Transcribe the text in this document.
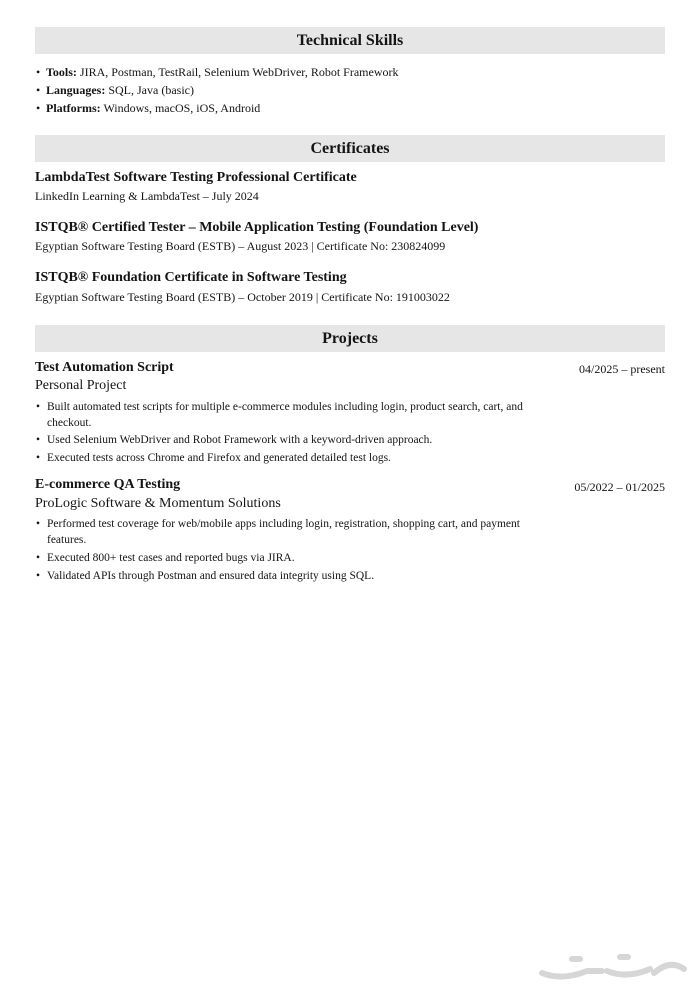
Technical Skills
• Tools: JIRA, Postman, TestRail, Selenium WebDriver, Robot Framework
• Languages: SQL, Java (basic)
• Platforms: Windows, macOS, iOS, Android
Certificates
LambdaTest Software Testing Professional Certificate
LinkedIn Learning & LambdaTest – July 2024
ISTQB® Certified Tester – Mobile Application Testing (Foundation Level)
Egyptian Software Testing Board (ESTB) – August 2023 | Certificate No: 230824099
ISTQB® Foundation Certificate in Software Testing
Egyptian Software Testing Board (ESTB) – October 2019 | Certificate No: 191003022
Projects
Test Automation Script	04/2025 – present
Personal Project
• Built automated test scripts for multiple e-commerce modules including login, product search, cart, and checkout.
• Used Selenium WebDriver and Robot Framework with a keyword-driven approach.
• Executed tests across Chrome and Firefox and generated detailed test logs.
E-commerce QA Testing	05/2022 – 01/2025
ProLogic Software & Momentum Solutions
• Performed test coverage for web/mobile apps including login, registration, shopping cart, and payment features.
• Executed 800+ test cases and reported bugs via JIRA.
• Validated APIs through Postman and ensured data integrity using SQL.
